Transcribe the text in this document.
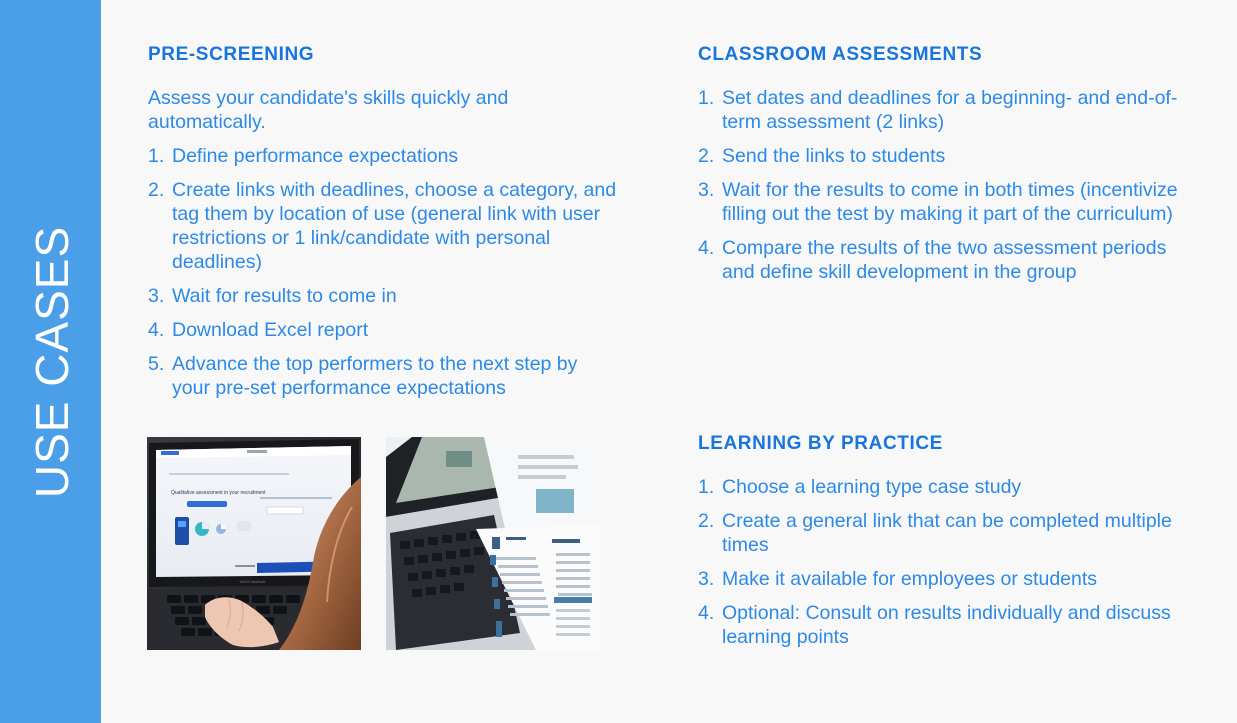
USE CASES
PRE-SCREENING

Assess your candidate's skills quickly and automatically.

1. Define performance expectations
2. Create links with deadlines, choose a category, and tag them by location of use (general link with user restrictions or 1 link/candidate with personal deadlines)
3. Wait for results to come in
4. Download Excel report
5. Advance the top performers to the next step by your pre-set performance expectations
CLASSROOM ASSESSMENTS
1. Set dates and deadlines for a beginning- and end-of-term assessment (2 links)
2. Send the links to students
3. Wait for the results to come in both times (incentivize filling out the test by making it part of the curriculum)
4. Compare the results of the two assessment periods and define skill development in the group
LEARNING BY PRACTICE
1. Choose a learning type case study
2. Create a general link that can be completed multiple times
3. Make it available for employees or students
4. Optional: Consult on results individually and discuss learning points
Qualitative assessment in your recruitment
ASUS VivoBook
